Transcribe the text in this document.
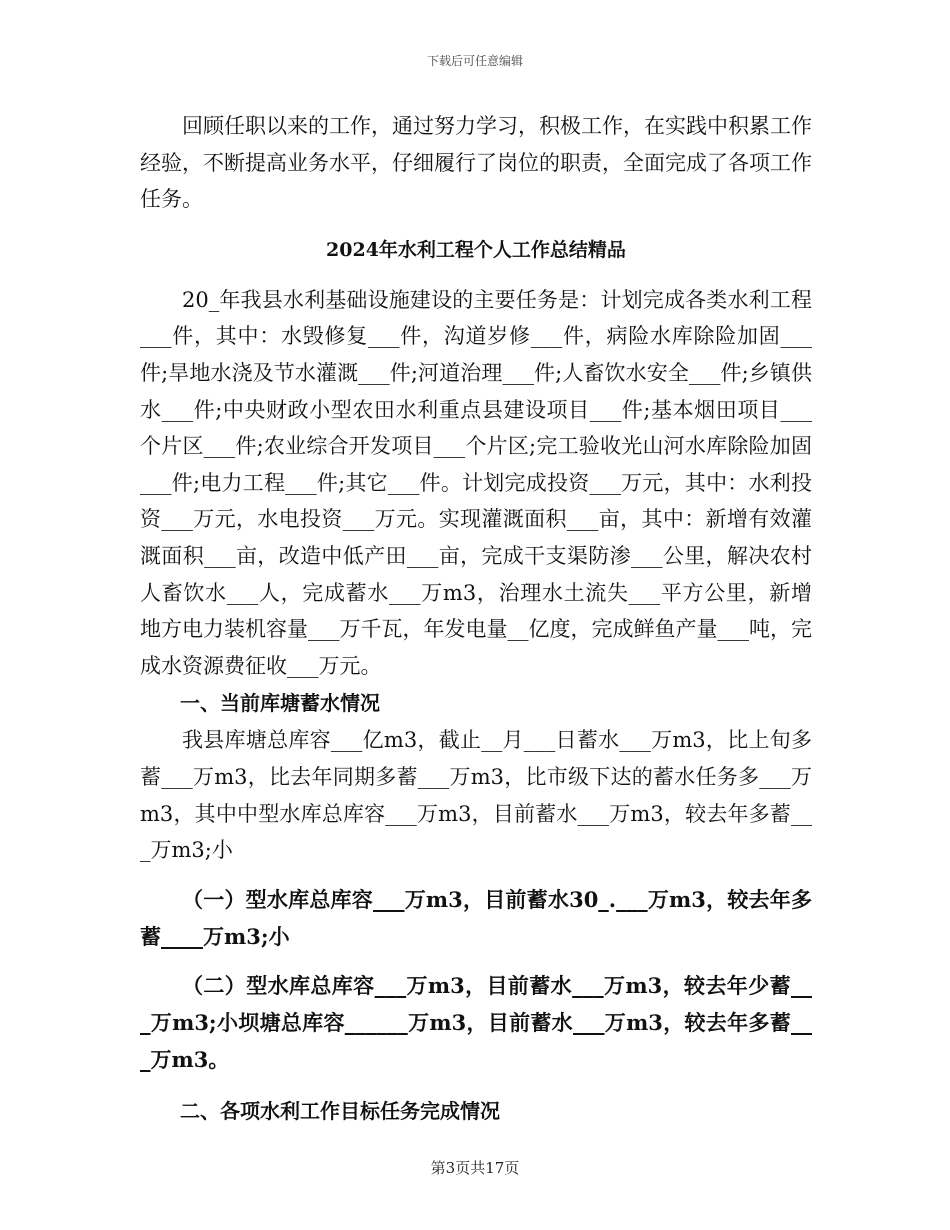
下载后可任意编辑

回顾任职以来的工作，通过努力学习，积极工作，在实践中积累工作经验，不断提高业务水平，仔细履行了岗位的职责，全面完成了各项工作任务。

2024年水利工程个人工作总结精品

20_年我县水利基础设施建设的主要任务是：计划完成各类水利工程___件，其中：水毁修复___件，沟道岁修___件，病险水库除险加固___件;旱地水浇及节水灌溉___件;河道治理___件;人畜饮水安全___件;乡镇供水___件;中央财政小型农田水利重点县建设项目___件;基本烟田项目___个片区___件;农业综合开发项目___个片区;完工验收光山河水库除险加固___件;电力工程___件;其它___件。计划完成投资___万元，其中：水利投资___万元，水电投资___万元。实现灌溉面积___亩，其中：新增有效灌溉面积___亩，改造中低产田___亩，完成干支渠防渗___公里，解决农村人畜饮水___人，完成蓄水___万m3，治理水土流失___平方公里，新增地方电力装机容量___万千瓦，年发电量__亿度，完成鲜鱼产量___吨，完成水资源费征收___万元。

一、当前库塘蓄水情况

我县库塘总库容___亿m3，截止__月___日蓄水___万m3，比上旬多蓄___万m3，比去年同期多蓄___万m3，比市级下达的蓄水任务多___万m3，其中中型水库总库容___万m3，目前蓄水___万m3，较去年多蓄___万m3;小

（一）型水库总库容___万m3，目前蓄水30_.___万m3，较去年多蓄____万m3;小

（二）型水库总库容___万m3，目前蓄水___万m3，较去年少蓄___万m3;小坝塘总库容______万m3，目前蓄水___万m3，较去年多蓄___万m3。

二、各项水利工作目标任务完成情况
第3页共17页
